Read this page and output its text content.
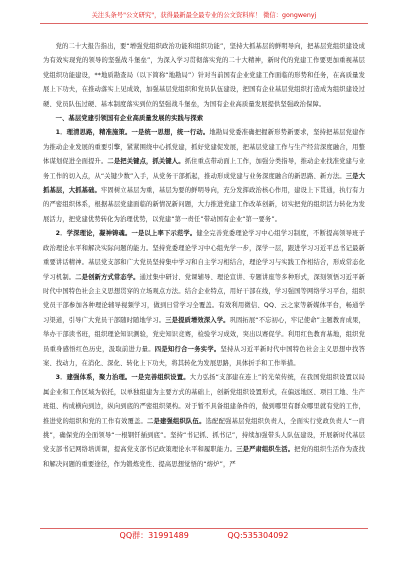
关注头条号"公文研究"，获得最新最全最专业的公文资料库！ 微信：gongwenyj

党的二十大报告指出，要“增强党组织政治功能和组织功能”，坚持大抓基层的鲜明导向，把基层党组织建设成为有效实现党的领导的坚强战斗堡垒”，为深入学习贯彻落实党的二十大精神，新时代的党建工作要更加重视基层党组织功能建设，**地质勘查局（以下简称“地勘局”）针对当前国有企业党建工作面临的形势和任务，在高质量发展上下功夫，在推动落实上见成效，加强基层党组织和党员队伍建设，把国有企业基层党组织打造成为组织建设过硬、党员队伍过硬、基本制度落实到位的坚强战斗堡垒，为国有企业高质量发展提供坚强政治保障。

一、基层党建引领国有企业高质量发展的实践与探索

1．理清思路，精准施策。一是统一思想，统一行动。地勘局党委准确把握新形势新要求，坚持把基层党建作为推动企业发展的重要引擎，紧紧围绕中心抓党建，抓好党建促发展，把基层党建工作与生产经营深度融合，用整体谋划促进全面提升。二是把关键点，抓关键人。抓住重点带动面上工作，加强分类指导，推动企业找准党建与业务工作的切入点，从“关键少数”入手，从党务干部抓起，推动形成党建与业务深度融合的新思路、新方法。三是大抓基层，大抓基础。牢固树立基层为重，基层为要的鲜明导向，充分发挥政治核心作用，建设上下贯通，执行有力的严密组织体系，根据基层党建面临的新情况新问题，大力推进党建工作改革创新，切实把党的组织活力转化为发展活力，把党建优势转化为治理优势，以党建“第一责任”带动国有企业“第一要务”。

2．学深理论，凝神铸魂。一是以上率下示范学。健全完善党委理论学习中心组学习制度，不断提高领导班子政治理论水平和解决实际问题的能力。坚持党委理论学习中心组先学一步，深学一层，跟进学习习近平总书记最新重要讲话精神。基层党支部和广大党员坚持集中学习和自主学习相结合，理论学习与实践工作相结合，形成常态化学习机制。二是创新方式常态学。通过集中研讨、党课辅导、理论宣讲、专题讲座等多种形式，深刻领悟习近平新时代中国特色社会主义思想贯穿的立场观点方法。结合企业特点，用好干部在线，学习强国等网络学习平台，组织党员干部参加各种理论辅导视频学习，做到日常学习全覆盖。有效利用微信、QQ、云之家等新媒体平台，畅通学习渠道，引导广大党员干部随时随地学习。三是提质增效深入学。巩固拓展“不忘初心，牢记使命”主题教育成果，举办干部读书班，组织理论知识测验，党史知识竞赛，检验学习成效，突出以赛促学。利用红色教育基地，组织党员重身感悟红色历史，汲取前进力量。四是知行合一务实学。坚持从习近平新时代中国特色社会主义思想中找答案、找动力，在消化、深化、转化上下功夫，将其转化为发展思路，具体折手和工作举措。

3．建强体系，聚力治理。一是完善组织设置。大力弘扬“支部建在连上”的光荣传统，在我国党组织设置以局属企业和工作区域为依托，以单独组建为主要方式的基础上，创新党组织设置形式，在偏远地区、项目工地、生产班组、构成横向到边，纵向到底的严密组织架构。对于暂不具备组建条件的，做到哪里有群众哪里就有党的工作，推进党的组织和党的工作有效覆盖。二是建强组织队伍。选配配强基层党组织负责人，全面实行党政负责人“一肩挑”，确保党的全面领导“一根钢钎插到底”。坚持“书记抓、抓书记”，持续加强带头人队伍建设，开展新时代基层党支部书记网络培训课，提高党支部书记政策理论水平和履职能力。三是严肃组织生活。把党的组织生活作为查找和解决问题的重要途径，作为锻炼党性、提高思想觉悟的“熔炉”，严

QQ群：31991489	QQ:535304092
